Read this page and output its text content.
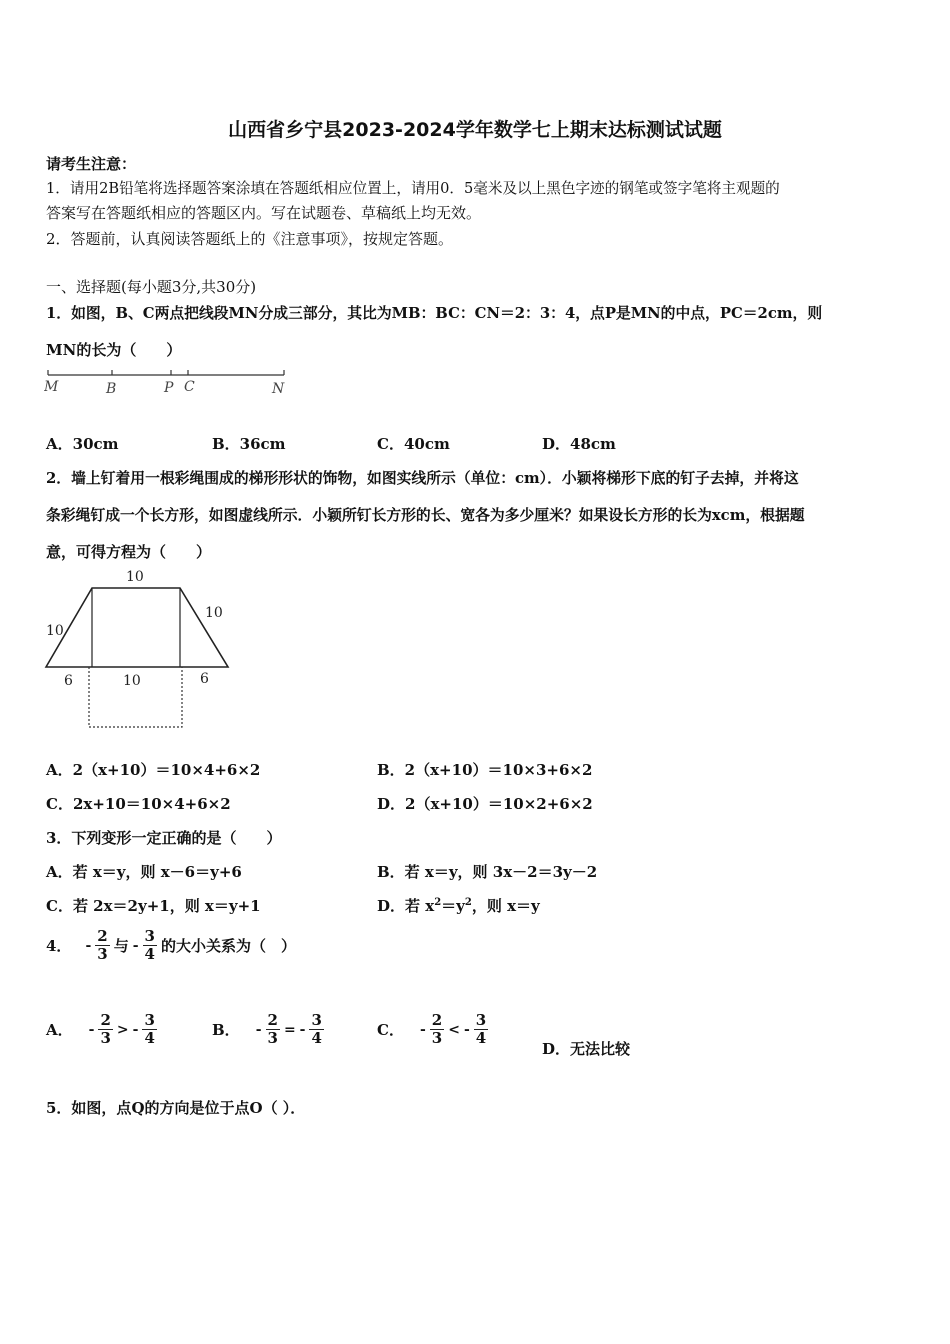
山西省乡宁县2023-2024学年数学七上期末达标测试试题
请考生注意：
1．请用2B铅笔将选择题答案涂填在答题纸相应位置上，请用0．5毫米及以上黑色字迹的钢笔或签字笔将主观题的
答案写在答题纸相应的答题区内。写在试题卷、草稿纸上均无效。
2．答题前，认真阅读答题纸上的《注意事项》，按规定答题。
一、选择题(每小题3分,共30分)
1．如图，B、C两点把线段MN分成三部分，其比为MB：BC：CN＝2：3：4，点P是MN的中点，PC＝2cm，则
MN的长为（　　）
M	B	P C	N
A．30cm	B．36cm	C．40cm	D．48cm
2．墙上钉着用一根彩绳围成的梯形形状的饰物，如图实线所示（单位：cm）．小颖将梯形下底的钉子去掉，并将这
条彩绳钉成一个长方形，如图虚线所示．小颖所钉长方形的长、宽各为多少厘米？如果设长方形的长为xcm，根据题
意，可得方程为（　　）
10
10
10
6	10	6
A．2（x+10）＝10×4+6×2	B．2（x+10）＝10×3+6×2
C．2x+10＝10×4+6×2	D．2（x+10）＝10×2+6×2
3．下列变形一定正确的是（　　）
A．若 x＝y，则 x－6＝y+6	B．若 x＝y，则 3x－2＝3y－2
C．若 2x＝2y+1，则 x＝y+1	D．若 $x^2=y^2$，则 x＝y
4． - $\frac{2}{3}$ 与 - $\frac{3}{4}$ 的大小关系为（　）
A． - $\frac{2}{3}$ > - $\frac{3}{4}$	B． - $\frac{2}{3}$ = - $\frac{3}{4}$	C． - $\frac{2}{3}$ < - $\frac{3}{4}$
D．无法比较
5．如图，点Q的方向是位于点O（ ）．
